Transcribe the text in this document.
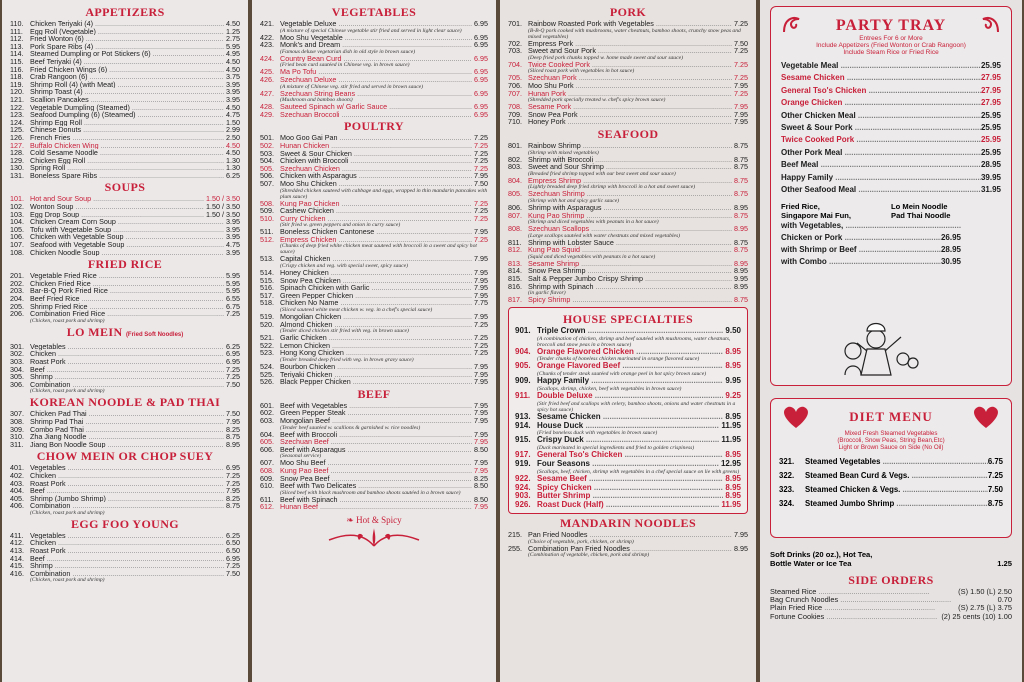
APPETIZERS
110. Chicken Teriyaki (4) .....	4.50
111. Egg Roll (Vegetable) .....	1.25
112. Fried Wonton (6) .....	2.75
113. Pork Spare Ribs (4) .....	5.95
114. Steamed Dumpling or Pot Stickers (6) .....	4.95
115. Beef Teriyaki (4) .....	4.50
116. Fried Chicken Wings (6) .....	4.50
118. Crab Rangoon (6) .....	3.75
119. Shrimp Roll (4) (with Meat) .....	3.95
120. Shrimp Toast (4) .....	3.95
121. Scallion Pancakes .....	3.95
122. Vegetable Dumpling (Steamed) .....	4.50
123. Seafood Dumpling (6) (Steamed) .....	4.75
124. Shrimp Egg Roll .....	1.50
125. Chinese Donuts .....	2.99
126. French Fries .....	2.50
127. Buffalo Chicken Wing .....	4.50
128. Cold Sesame Noodle .....	4.50
129. Chicken Egg Roll .....	1.30
130. Spring Roll .....	1.30
131. Boneless Spare Ribs .....	6.25
SOUPS
101. Hot and Sour Soup .....	1.50 / 3.50
102. Wonton Soup .....	1.50 / 3.50
103. Egg Drop Soup .....	1.50 / 3.50
104. Chicken Cream Corn Soup .....	3.95
105. Tofu with Vegetable Soup .....	3.95
106. Chicken with Vegetable Soup .....	3.95
107. Seafood with Vegetable Soup .....	4.75
108. Chicken Noodle Soup .....	3.95
FRIED RICE
201. Vegetable Fried Rice .....	5.95
202. Chicken Fried Rice .....	5.95
203. Bar-B-Q Pork Fried Rice .....	5.95
204. Beef Fried Rice .....	6.55
205. Shrimp Fried Rice .....	6.75
206. Combination Fried Rice .....	7.25
(Chicken, roast pork and shrimp)
LO MEIN (Fried Soft Noodles)
301. Vegetables .....	6.25
302. Chicken .....	6.95
303. Roast Pork .....	6.95
304. Beef .....	7.25
305. Shrimp .....	7.25
306. Combination .....	7.50
(Chicken, roast pork and shrimp)
KOREAN NOODLE & PAD THAI
307. Chicken Pad Thai .....	7.50
308. Shrimp Pad Thai .....	7.95
309. Combo Pad Thai .....	8.25
310. Zha Jiang Noodle .....	8.75
311. Jiang Bon Noodle Soup .....	8.95
CHOW MEIN OR CHOP SUEY
401. Vegetables .....	6.95
402. Chicken .....	7.25
403. Roast Pork .....	7.25
404. Beef .....	7.95
405. Shrimp (Jumbo Shrimp) .....	8.25
406. Combination .....	8.75
(Chicken, roast pork and shrimp)
EGG FOO YOUNG
411. Vegetables .....	6.25
412. Chicken .....	6.50
413. Roast Pork .....	6.50
414. Beef .....	6.95
415. Shrimp .....	7.25
416. Combination .....	7.50
(Chicken, roast pork and shrimp)
VEGETABLES
421. Vegetable Deluxe .....	6.95
(A mixture of special Chinese vegetable stir fried and served in light clear sauce)
422. Moo Shu Vegetable .....	6.95
423. Monk's and Dream .....	6.95
(Famous deluxe vegetarian dish in old style in brown sauce)
424. Country Bean Curd .....	6.95
(Fried bean curd sautéed in Chinese veg. in brown sauce)
425. Ma Po Tofu .....	6.95
426. Szechuan Deluxe .....	6.95
(A mixture of Chinese veg. stir fried and served in brown sauce)
427. Szechuan String Beans .....	6.95
(Mushroom and bamboo shoots)
428. Sauteed Spinach w/ Garlic Sauce .....	6.95
429. Szechuan Broccoli .....	6.95
POULTRY
501. Moo Goo Gai Pan .....	7.25
502. Hunan Chicken .....	7.25
503. Sweet & Sour Chicken .....	7.25
504. Chicken with Broccoli .....	7.25
505. Szechuan Chicken .....	7.25
506. Chicken with Asparagus .....	7.95
507. Moo Shu Chicken .....	7.50
(Shredded chicken sauteed with cabbage and eggs, wrapped in thin mandarin pancakes with plum sauce)
508. Kung Pao Chicken .....	7.25
509. Cashew Chicken .....	7.25
510. Curry Chicken .....	7.25
(Stir fried w. green peppers and onion in curry sauce)
511. Boneless Chicken Cantonese .....	7.95
512. Empress Chicken .....	7.25
(Chunks of deep fried white chicken meat sauteed with broccoli in a sweet and spicy hot sauce)
513. Capital Chicken .....	7.95
(Crispy chicken and veg. with special sweet, spicy sauce)
514. Honey Chicken .....	7.95
515. Snow Pea Chicken .....	7.95
516. Spinach Chicken with Garlic .....	7.95
517. Green Pepper Chicken .....	7.95
518. Chicken No Name .....	7.75
(Sliced sauteed white meat chicken w. veg. in a chef's special sauce)
519. Mongolian Chicken .....	7.95
520. Almond Chicken .....	7.25
(Tender diced chicken stir fried with veg. in brown sauce)
521. Garlic Chicken .....	7.25
522. Lemon Chicken .....	7.25
523. Hong Kong Chicken .....	7.25
(Tender breaded deep fried with veg. in brown gravy sauce)
524. Bourbon Chicken .....	7.95
525. Teriyaki Chicken .....	7.95
526. Black Pepper Chicken .....	7.95
BEEF
601. Beef with Vegetables .....	7.95
602. Green Pepper Steak .....	7.95
603. Mongolian Beef .....	7.95
(Tender beef sautéed w. scallions & garnished w. rice noodles)
604. Beef with Broccoli .....	7.95
605. Szechuan Beef .....	7.95
606. Beef with Asparagus .....	8.50
(Seasonal service)
607. Moo Shu Beef .....	7.95
608. Kung Pao Beef .....	7.95
609. Snow Pea Beef .....	8.25
610. Beef with Two Delicates .....	8.50
(Sliced beef with black mushroom and bamboo shoots sautéed in a brown sauce)
611. Beef with Spinach .....	8.50
612. Hunan Beef .....	7.95
❧ Hot & Spicy
PORK
701. Rainbow Roasted Pork with Vegetables .....	7.25
(B-B-Q pork cooked with mushrooms, water chestnuts, bamboo shoots, crunchy snow peas and mixed vegetables)
702. Empress Pork .....	7.50
703. Sweet and Sour Pork .....	7.25
(Deep fried pork chunks topped w. home made sweet and sour sauce)
704. Twice Cooked Pork .....	7.25
(Sliced roast pork with vegetables in hot sauce)
705. Szechuan Pork .....	7.25
706. Moo Shu Pork .....	7.95
707. Hunan Pork .....	7.25
(Shredded pork specially treated w. chef's spicy brown sauce)
708. Sesame Pork .....	7.95
709. Snow Pea Pork .....	7.95
710. Honey Pork .....	7.95
SEAFOOD
801. Rainbow Shrimp .....	8.75
(Shrimp with mixed vegetables)
802. Shrimp with Broccoli .....	8.75
803. Sweet and Sour Shrimp .....	8.75
(Breaded fried shrimp topped with our best sweet and sour sauce)
804. Empress Shrimp .....	8.75
(Lightly breaded deep fried shrimp with broccoli in a hot and sweet sauce)
805. Szechuan Shrimp .....	8.75
(Shrimp with hot and spicy garlic sauce)
806. Shrimp with Asparagus .....	8.95
807. Kung Pao Shrimp .....	8.75
(Shrimp and diced vegetables with peanuts in a hot sauce)
808. Szechuan Scallops .....	8.95
(Large scallops sautéed with water chestnuts and mixed vegetables)
811. Shrimp with Lobster Sauce .....	8.75
812. Kung Pao Squid .....	8.75
(Squid and diced vegetables with peanuts in a hot sauce)
813. Sesame Shrimp .....	8.95
814. Snow Pea Shrimp .....	8.95
815. Salt & Pepper Jumbo Crispy Shrimp .....	9.95
816. Shrimp with Spinach .....	8.95
(in garlic flavor)
817. Spicy Shrimp .....	8.75
HOUSE SPECIALTIES
901. Triple Crown .....	9.50
(A combination of chicken, shrimp and beef sautéed with mushrooms, water chestnuts, broccoli and snow peas in a brown sauce)
904. Orange Flavored Chicken .....	8.95
(Tender chunks of boneless chicken marinated in orange flavored sauce)
905. Orange Flavored Beef .....	8.95
(Chunks of tender steak sautéed with orange peel in hot spicy brown sauce)
909. Happy Family .....	9.95
(Scallops, shrimp, chicken, beef with vegetables in brown sauce)
911. Double Deluxe .....	9.25
(Stir fried beef and scallops with celery, bamboo shoots, onions and water chestnuts in a spicy hot sauce)
913. Sesame Chicken .....	8.95
914. House Duck .....	11.95
(Fried boneless duck with vegetables in brown sauce)
915. Crispy Duck .....	11.95
(Duck marinated in special ingredients and fried to golden crispiness)
917. General Tso's Chicken .....	8.95
919. Four Seasons .....	12.95
(Scallops, beef, chicken, shrimp with vegetables in a chef special sauce on lie with greens)
922. Sesame Beef .....	8.95
924. Spicy Chicken .....	8.95
903. Butter Shrimp .....	8.95
926. Roast Duck (Half) .....	11.95
MANDARIN NOODLES
215. Pan Fried Noodles .....	7.95
(Choice of vegetable, pork, chicken, or shrimp)
255. Combination Pan Fried Noodles .....	8.95
(Combination of vegetable, chicken, pork and shrimp)
PARTY TRAY
Entrees For 6 or More
Include Appetizers (Fried Wonton or Crab Rangoon)
Include Steam Rice or Fried Rice
Vegetable Meal .....	25.95
Sesame Chicken .....	27.95
General Tso's Chicken .....	27.95
Orange Chicken .....	27.95
Other Chicken Meal .....	25.95
Sweet & Sour Pork .....	25.95
Twice Cooked Pork .....	25.95
Other Pork Meal .....	25.95
Beef Meal .....	28.95
Happy Family .....	39.95
Other Seafood Meal .....	31.95
Fried Rice,
Singapore Mai Fun,
Lo Mein Noodle
Pad Thai Noodle
with Vegetables, .....
Chicken or Pork .....	26.95
with Shrimp or Beef .....	28.95
with Combo .....	30.95
DIET MENU
Mixed Fresh Steamed Vegetables
(Broccoli, Snow Peas, String Bean,Etc)
Light or Brown Sauce on Side (No Oil)
321.	Steamed Vegetables .....	6.75
322.	Steamed Bean Curd & Vegs. .....	7.25
323.	Steamed Chicken & Vegs. .....	7.50
324.	Steamed Jumbo Shrimp .....	8.75
Soft Drinks (20 oz.), Hot Tea,
Bottle Water or Ice Tea	1.25
SIDE ORDERS
Steamed Rice .....	(S) 1.50 (L) 2.50
Bag Crunch Noodles .....	0.70
Plain Fried Rice .....	(S) 2.75 (L) 3.75
Fortune Cookies .....	(2) 25 cents (10) 1.00
